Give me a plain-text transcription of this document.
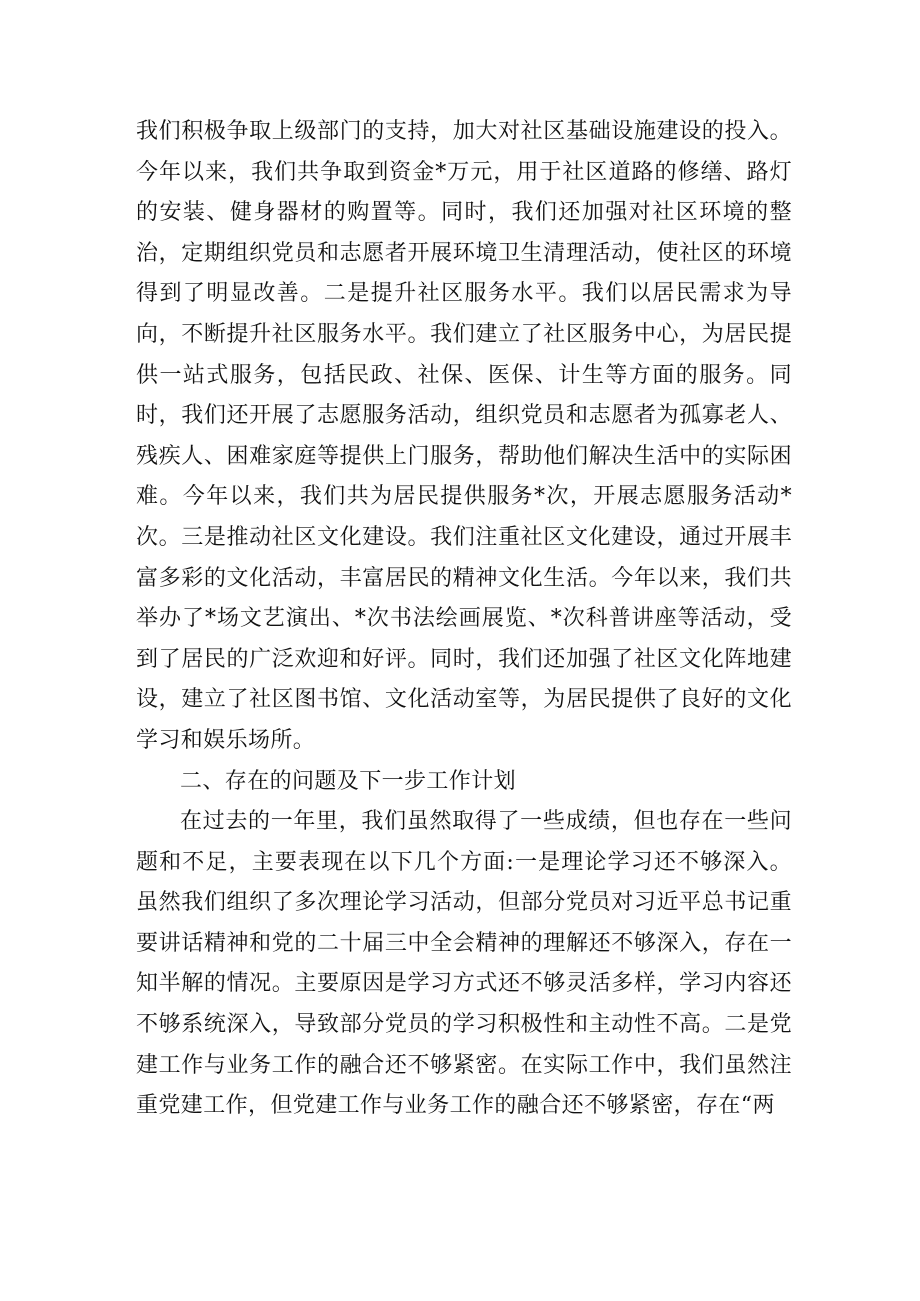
我们积极争取上级部门的支持，加大对社区基础设施建设的投入。今年以来，我们共争取到资金*万元，用于社区道路的修缮、路灯的安装、健身器材的购置等。同时，我们还加强对社区环境的整治，定期组织党员和志愿者开展环境卫生清理活动，使社区的环境得到了明显改善。二是提升社区服务水平。我们以居民需求为导向，不断提升社区服务水平。我们建立了社区服务中心，为居民提供一站式服务，包括民政、社保、医保、计生等方面的服务。同时，我们还开展了志愿服务活动，组织党员和志愿者为孤寡老人、残疾人、困难家庭等提供上门服务，帮助他们解决生活中的实际困难。今年以来，我们共为居民提供服务*次，开展志愿服务活动*次。三是推动社区文化建设。我们注重社区文化建设，通过开展丰富多彩的文化活动，丰富居民的精神文化生活。今年以来，我们共举办了*场文艺演出、*次书法绘画展览、*次科普讲座等活动，受到了居民的广泛欢迎和好评。同时，我们还加强了社区文化阵地建设，建立了社区图书馆、文化活动室等，为居民提供了良好的文化学习和娱乐场所。

二、存在的问题及下一步工作计划

在过去的一年里，我们虽然取得了一些成绩，但也存在一些问题和不足，主要表现在以下几个方面:一是理论学习还不够深入。虽然我们组织了多次理论学习活动，但部分党员对习近平总书记重要讲话精神和党的二十届三中全会精神的理解还不够深入，存在一知半解的情况。主要原因是学习方式还不够灵活多样，学习内容还不够系统深入，导致部分党员的学习积极性和主动性不高。二是党建工作与业务工作的融合还不够紧密。在实际工作中，我们虽然注重党建工作，但党建工作与业务工作的融合还不够紧密，存在“两
